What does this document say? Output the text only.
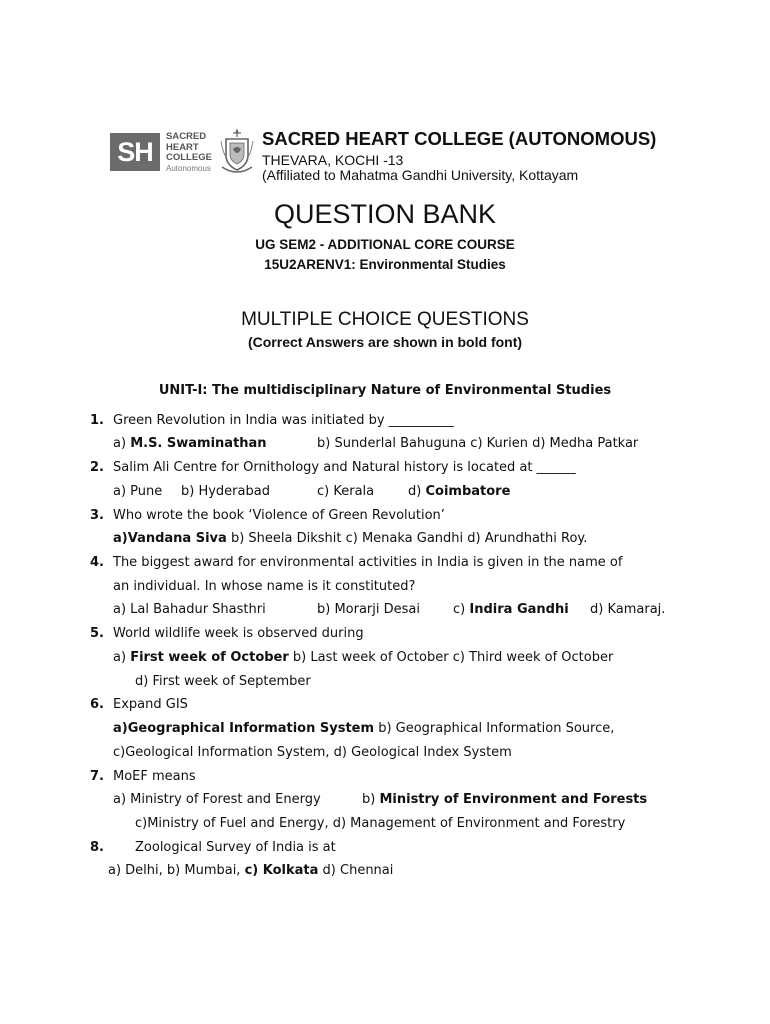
SH
SACRED
HEART
COLLEGE
Autonomous
SACRED HEART COLLEGE (AUTONOMOUS)
THEVARA, KOCHI -13
(Affiliated to Mahatma Gandhi University, Kottayam
QUESTION BANK
UG SEM2 - ADDITIONAL CORE COURSE
15U2ARENV1: Environmental Studies
MULTIPLE CHOICE QUESTIONS
(Correct Answers are shown in bold font)
UNIT-I: The multidisciplinary Nature of Environmental Studies
1. Green Revolution in India was initiated by __________
a) M.S. Swaminathan	b) Sunderlal Bahuguna c) Kurien d) Medha Patkar
2. Salim Ali Centre for Ornithology and Natural history is located at ______
a) Pune b) Hyderabad	c) Kerala	d) Coimbatore
3. Who wrote the book ‘Violence of Green Revolution’
a)Vandana Siva b) Sheela Dikshit c) Menaka Gandhi d) Arundhathi Roy.
4. The biggest award for environmental activities in India is given in the name of
an individual. In whose name is it constituted?
a) Lal Bahadur Shasthri	b) Morarji Desai	c) Indira Gandhi d) Kamaraj.
5. World wildlife week is observed during
a) First week of October b) Last week of October c) Third week of October
d) First week of September
6. Expand GIS
a)Geographical Information System b) Geographical Information Source,
c)Geological Information System, d) Geological Index System
7. MoEF means
a) Ministry of Forest and Energy	b) Ministry of Environment and Forests
c)Ministry of Fuel and Energy, d) Management of Environment and Forestry
8. Zoological Survey of India is at
a) Delhi, b) Mumbai, c) Kolkata d) Chennai
